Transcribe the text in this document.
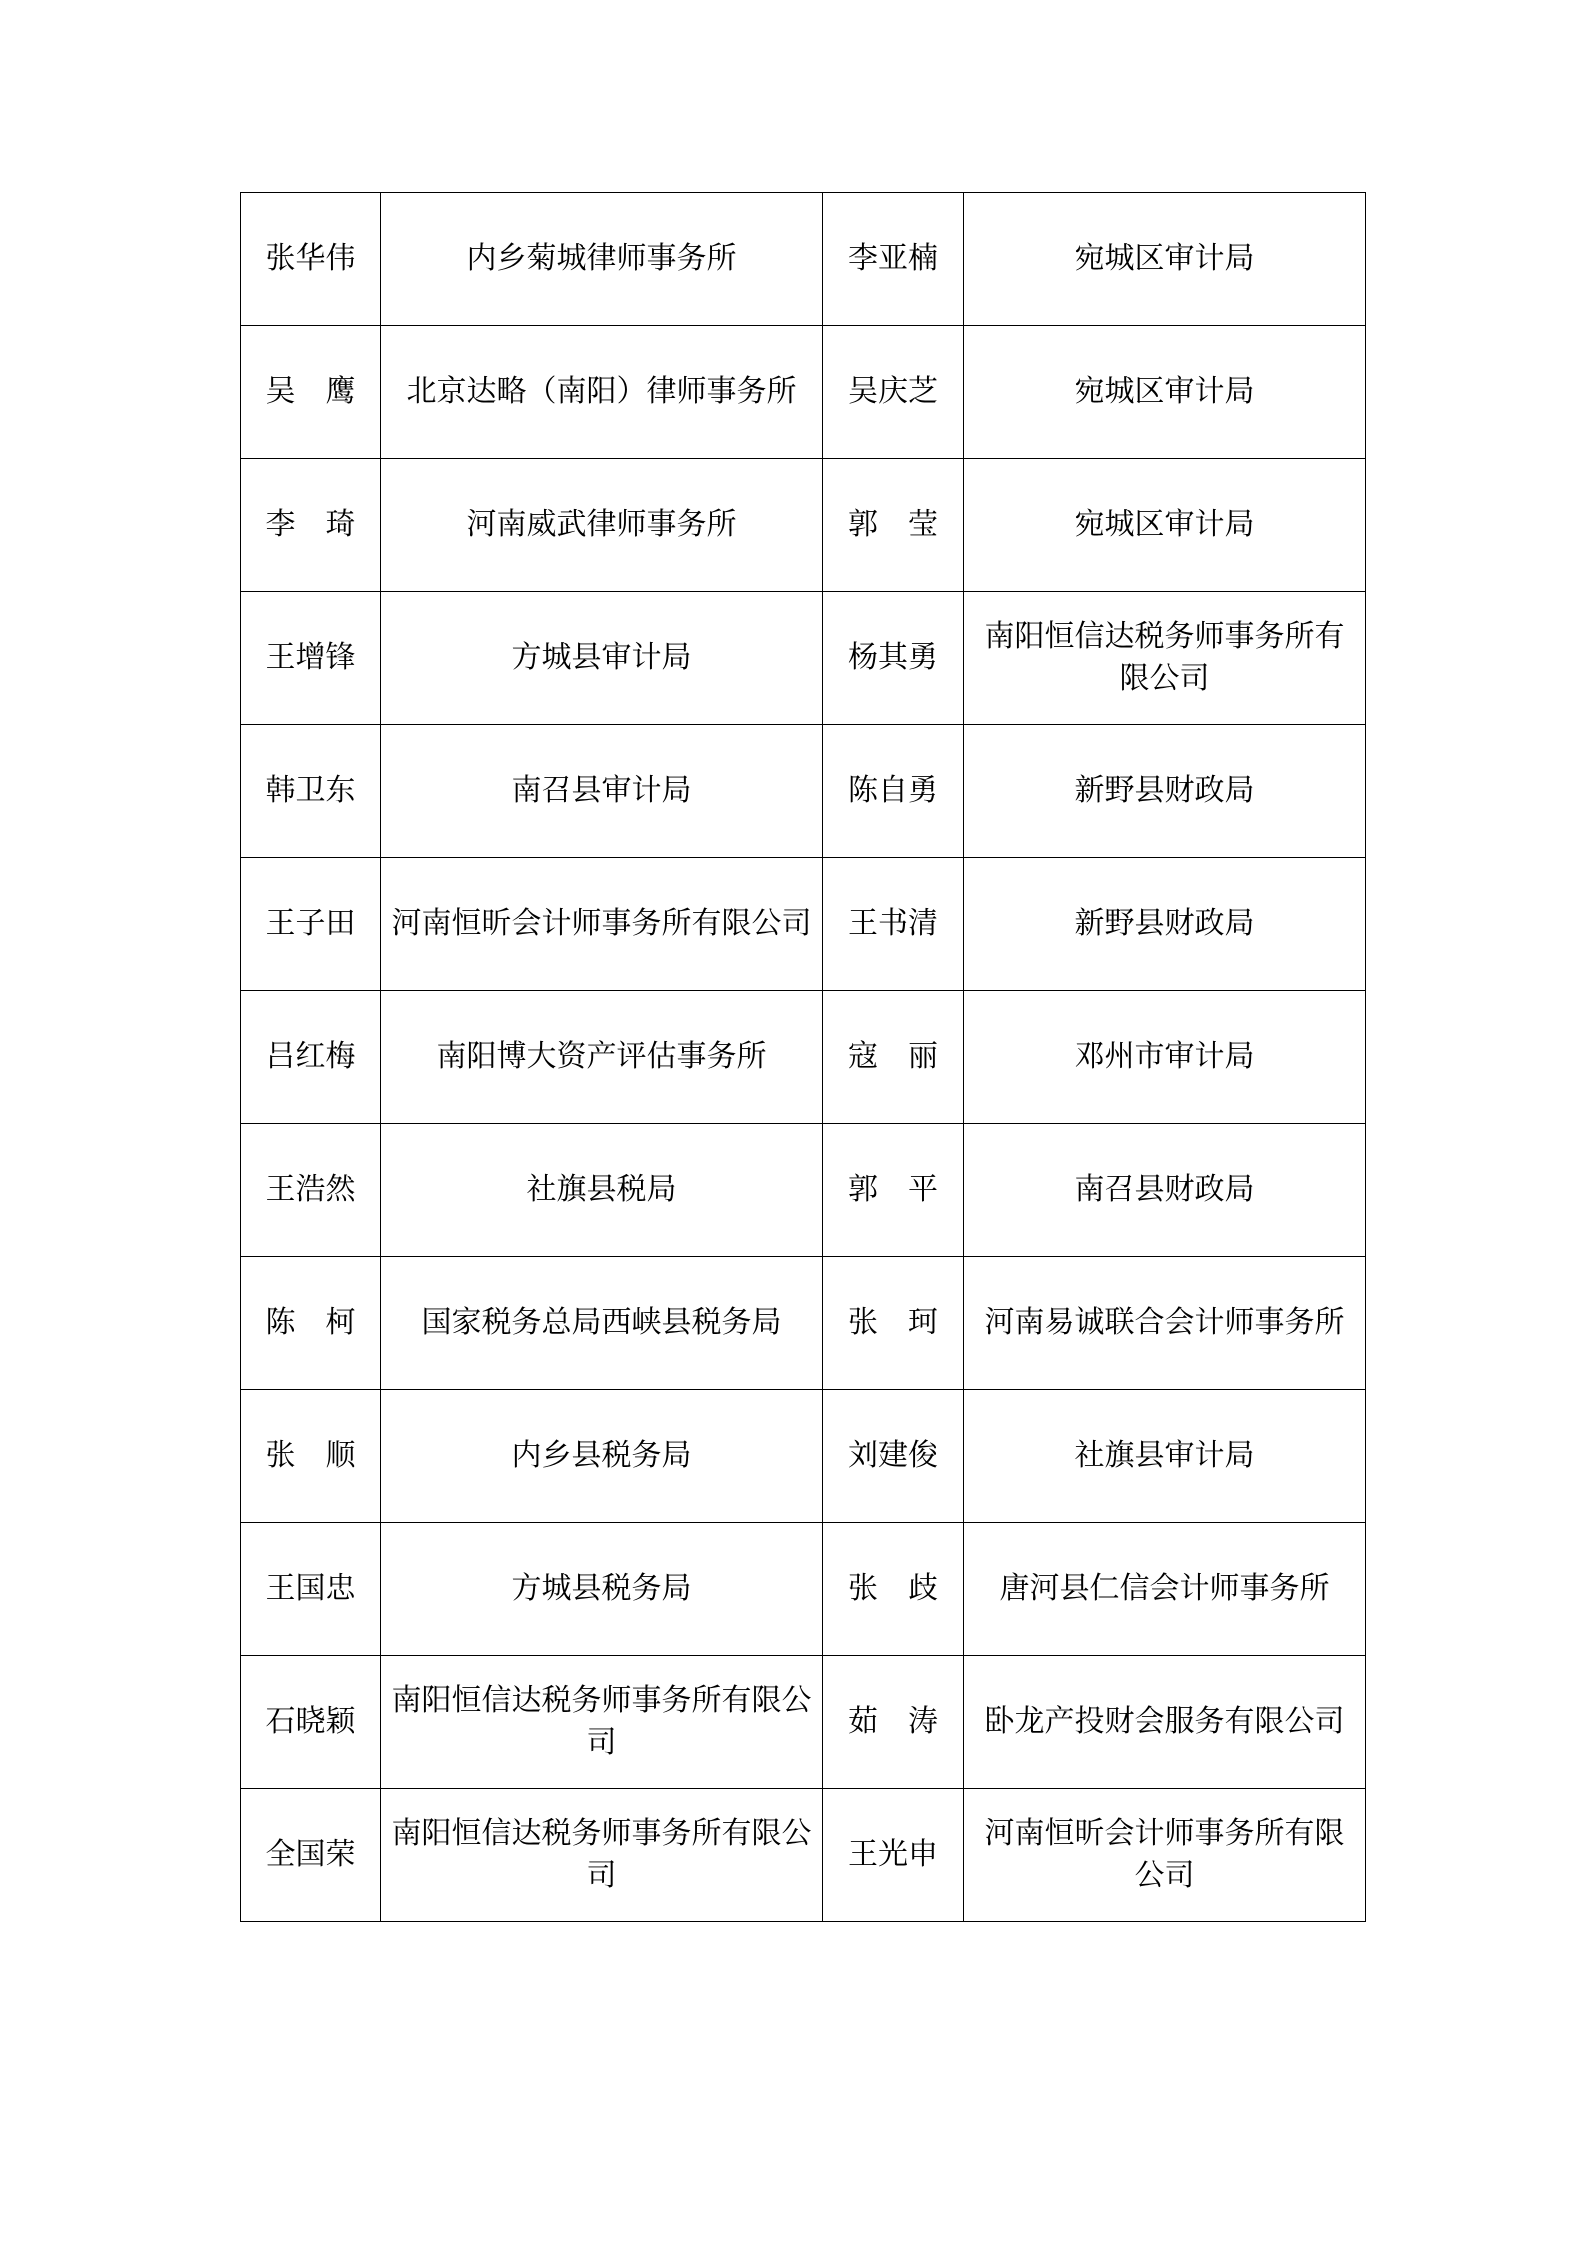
张华伟	内乡菊城律师事务所	李亚楠	宛城区审计局
吴　鹰	北京达略（南阳）律师事务所	吴庆芝	宛城区审计局
李　琦	河南威武律师事务所	郭　莹	宛城区审计局
王增锋	方城县审计局	杨其勇	南阳恒信达税务师事务所有限公司
韩卫东	南召县审计局	陈自勇	新野县财政局
王子田	河南恒昕会计师事务所有限公司	王书清	新野县财政局
吕红梅	南阳博大资产评估事务所	寇　丽	邓州市审计局
王浩然	社旗县税局	郭　平	南召县财政局
陈　柯	国家税务总局西峡县税务局	张　珂	河南易诚联合会计师事务所
张　顺	内乡县税务局	刘建俊	社旗县审计局
王国忠	方城县税务局	张　歧	唐河县仁信会计师事务所
石晓颖	南阳恒信达税务师事务所有限公司	茹　涛	卧龙产投财会服务有限公司
全国荣	南阳恒信达税务师事务所有限公司	王光申	河南恒昕会计师事务所有限公司
